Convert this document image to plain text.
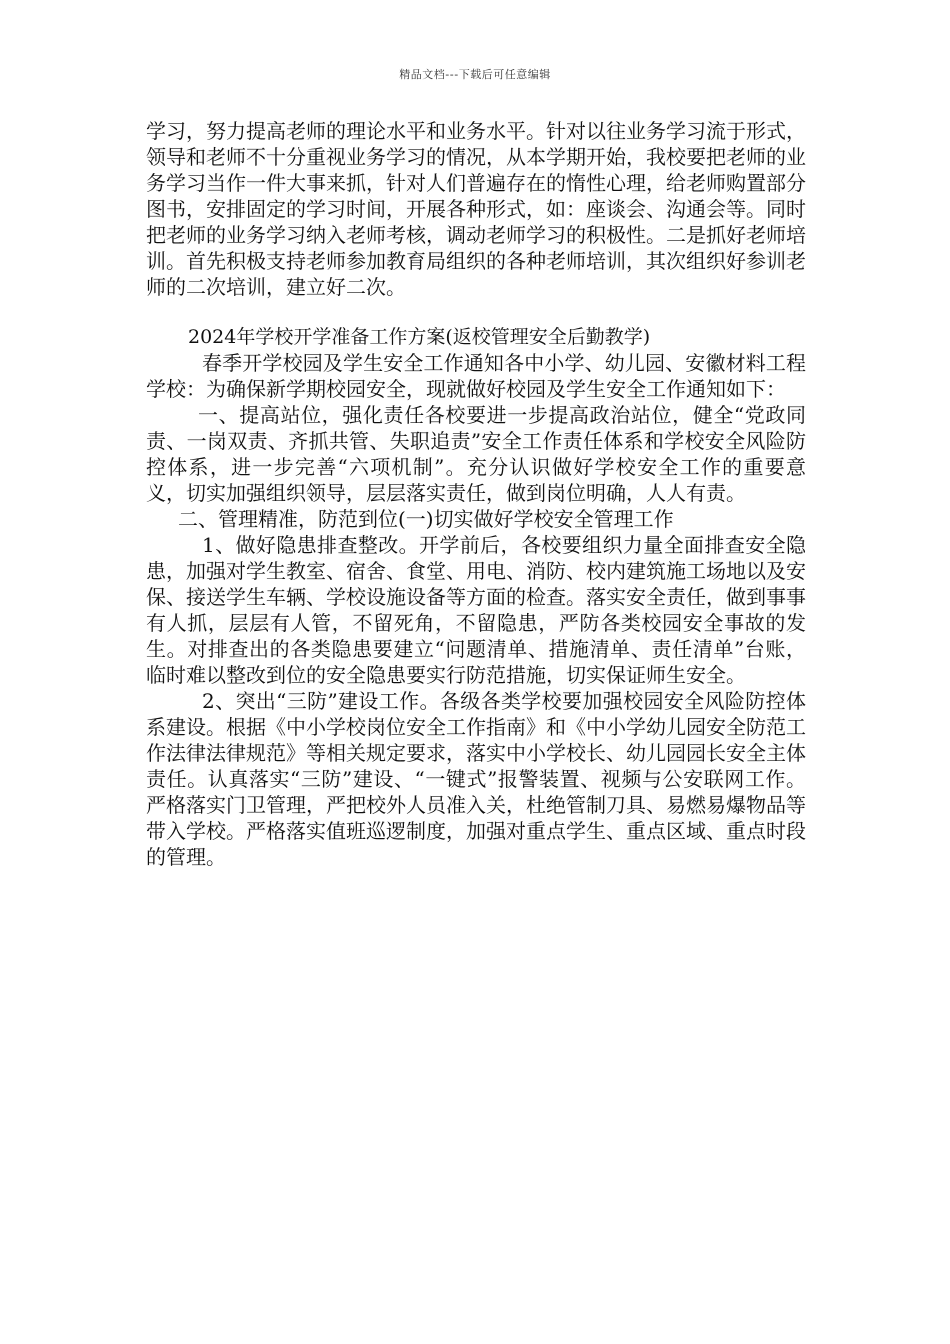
精品文档---下载后可任意编辑

学习，努力提高老师的理论水平和业务水平。针对以往业务学习流于形式，领导和老师不十分重视业务学习的情况，从本学期开始，我校要把老师的业务学习当作一件大事来抓，针对人们普遍存在的惰性心理，给老师购置部分图书，安排固定的学习时间，开展各种形式，如：座谈会、沟通会等。同时把老师的业务学习纳入老师考核，调动老师学习的积极性。二是抓好老师培训。首先积极支持老师参加教育局组织的各种老师培训，其次组织好参训老师的二次培训，建立好二次。

2024年学校开学准备工作方案(返校管理安全后勤教学)

春季开学校园及学生安全工作通知各中小学、幼儿园、安徽材料工程学校：为确保新学期校园安全，现就做好校园及学生安全工作通知如下：

一、提高站位，强化责任各校要进一步提高政治站位，健全“党政同责、一岗双责、齐抓共管、失职追责”安全工作责任体系和学校安全风险防控体系，进一步完善“六项机制”。充分认识做好学校安全工作的重要意义，切实加强组织领导，层层落实责任，做到岗位明确，人人有责。

二、管理精准，防范到位(一)切实做好学校安全管理工作

1、做好隐患排查整改。开学前后，各校要组织力量全面排查安全隐患，加强对学生教室、宿舍、食堂、用电、消防、校内建筑施工场地以及安保、接送学生车辆、学校设施设备等方面的检查。落实安全责任，做到事事有人抓，层层有人管，不留死角，不留隐患，严防各类校园安全事故的发生。对排查出的各类隐患要建立“问题清单、措施清单、责任清单”台账，临时难以整改到位的安全隐患要实行防范措施，切实保证师生安全。

2、突出“三防”建设工作。各级各类学校要加强校园安全风险防控体系建设。根据《中小学校岗位安全工作指南》和《中小学幼儿园安全防范工作法律法律规范》等相关规定要求，落实中小学校长、幼儿园园长安全主体责任。认真落实“三防”建设、“一键式”报警装置、视频与公安联网工作。严格落实门卫管理，严把校外人员准入关，杜绝管制刀具、易燃易爆物品等带入学校。严格落实值班巡逻制度，加强对重点学生、重点区域、重点时段的管理。
